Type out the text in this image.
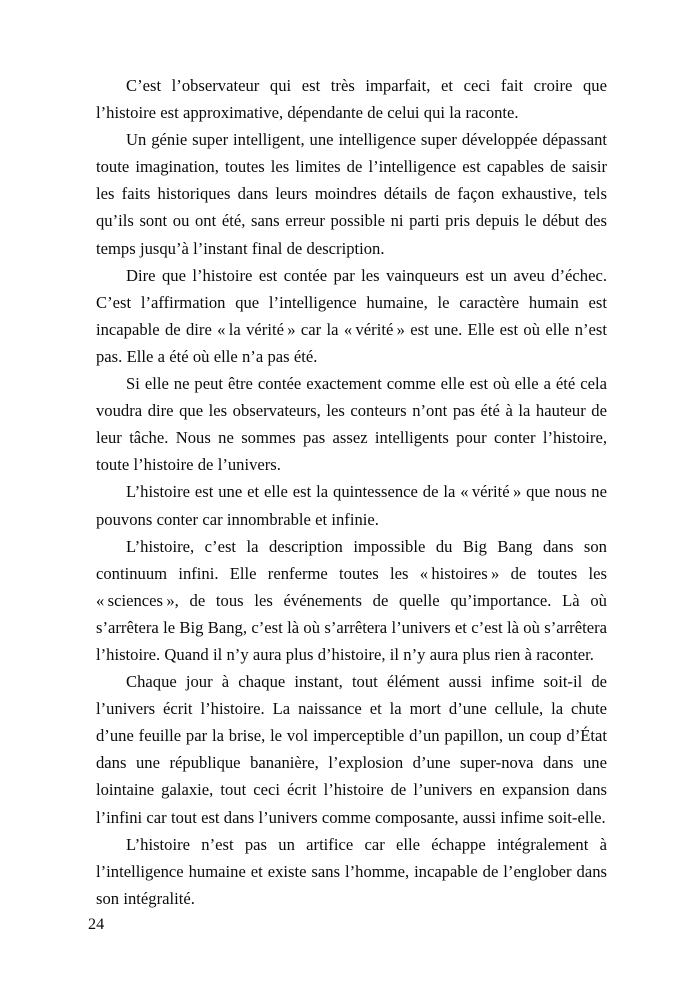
C’est l’observateur qui est très imparfait, et ceci fait croire que l’histoire est approximative, dépendante de celui qui la raconte.

Un génie super intelligent, une intelligence super développée dépassant toute imagination, toutes les limites de l’intelligence est capables de saisir les faits historiques dans leurs moindres détails de façon exhaustive, tels qu’ils sont ou ont été, sans erreur possible ni parti pris depuis le début des temps jusqu’à l’instant final de description.

Dire que l’histoire est contée par les vainqueurs est un aveu d’échec. C’est l’affirmation que l’intelligence humaine, le caractère humain est incapable de dire « la vérité » car la « vérité » est une. Elle est où elle n’est pas. Elle a été où elle n’a pas été.

Si elle ne peut être contée exactement comme elle est où elle a été cela voudra dire que les observateurs, les conteurs n’ont pas été à la hauteur de leur tâche. Nous ne sommes pas assez intelligents pour conter l’histoire, toute l’histoire de l’univers.

L’histoire est une et elle est la quintessence de la « vérité » que nous ne pouvons conter car innombrable et infinie.

L’histoire, c’est la description impossible du Big Bang dans son continuum infini. Elle renferme toutes les « histoires » de toutes les « sciences », de tous les événements de quelle qu’importance. Là où s’arrêtera le Big Bang, c’est là où s’arrêtera l’univers et c’est là où s’arrêtera l’histoire. Quand il n’y aura plus d’histoire, il n’y aura plus rien à raconter.

Chaque jour à chaque instant, tout élément aussi infime soit-il de l’univers écrit l’histoire. La naissance et la mort d’une cellule, la chute d’une feuille par la brise, le vol imperceptible d’un papillon, un coup d’État dans une république bananière, l’explosion d’une super-nova dans une lointaine galaxie, tout ceci écrit l’histoire de l’univers en expansion dans l’infini car tout est dans l’univers comme composante, aussi infime soit-elle.

L’histoire n’est pas un artifice car elle échappe intégralement à l’intelligence humaine et existe sans l’homme, incapable de l’englober dans son intégralité.

24
